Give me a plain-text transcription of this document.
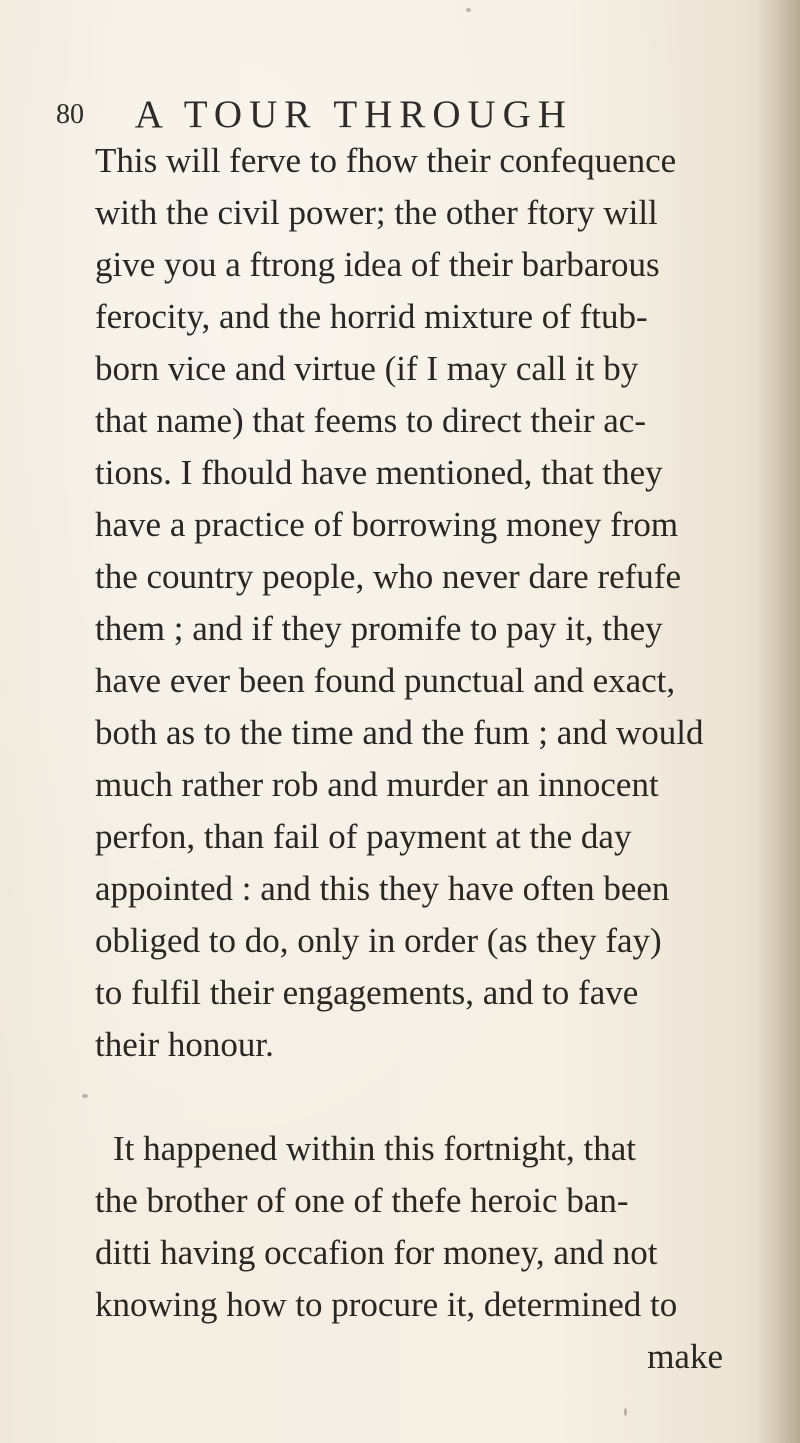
80 A TOUR THROUGH
This will ferve to fhow their confequence
with the civil power; the other ftory will
give you a ftrong idea of their barbarous
ferocity, and the horrid mixture of ftub-
born vice and virtue (if I may call it by
that name) that feems to direct their ac-
tions. I fhould have mentioned, that they
have a practice of borrowing money from
the country people, who never dare refufe
them ; and if they promife to pay it, they
have ever been found punctual and exact,
both as to the time and the fum ; and would
much rather rob and murder an innocent
perfon, than fail of payment at the day
appointed : and this they have often been
obliged to do, only in order (as they fay)
to fulfil their engagements, and to fave
their honour.
It happened within this fortnight, that
the brother of one of thefe heroic ban-
ditti having occafion for money, and not
knowing how to procure it, determined to
make
